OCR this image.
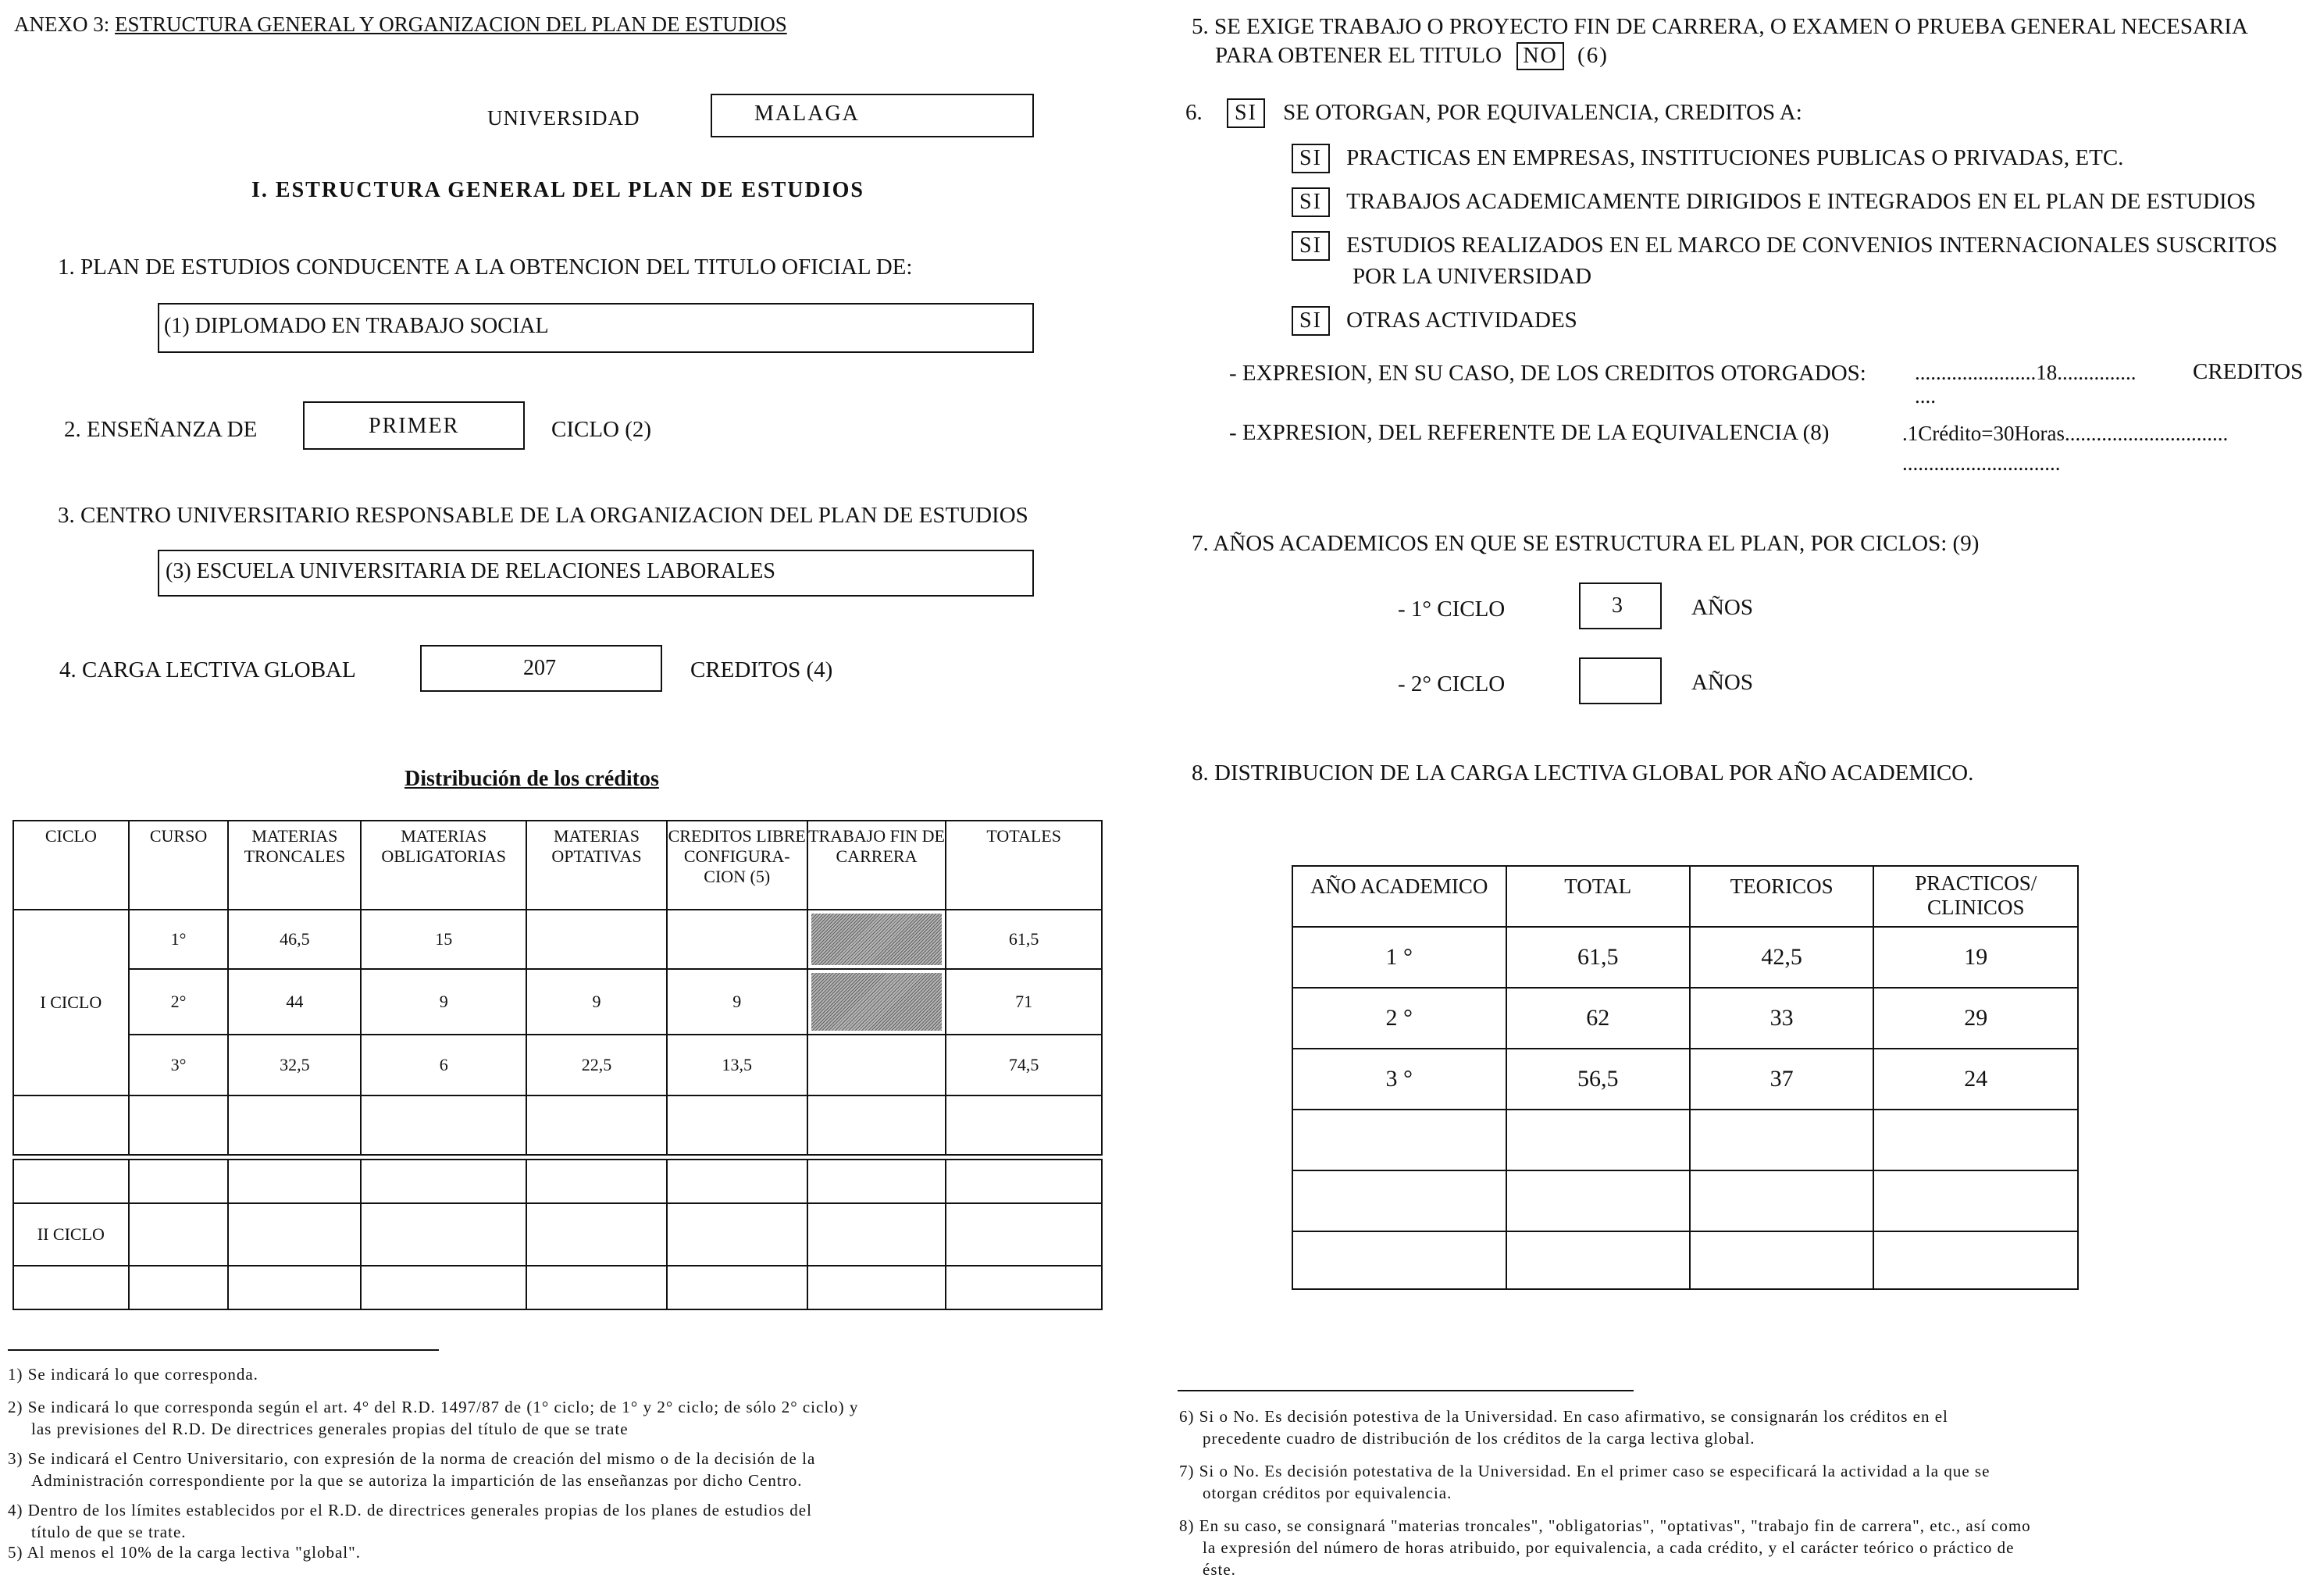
ANEXO 3: ESTRUCTURA GENERAL Y ORGANIZACION DEL PLAN DE ESTUDIOS
UNIVERSIDAD	MALAGA
I. ESTRUCTURA GENERAL DEL PLAN DE ESTUDIOS
1. PLAN DE ESTUDIOS CONDUCENTE A LA OBTENCION DEL TITULO OFICIAL DE:
(1) DIPLOMADO EN TRABAJO SOCIAL
2. ENSEÑANZA DE	PRIMER	CICLO (2)
3. CENTRO UNIVERSITARIO RESPONSABLE DE LA ORGANIZACION DEL PLAN DE ESTUDIOS
(3) ESCUELA UNIVERSITARIA DE RELACIONES LABORALES
4. CARGA LECTIVA GLOBAL	207	CREDITOS (4)
Distribución de los créditos
CICLO	CURSO	MATERIAS TRONCALES	MATERIAS OBLIGATORIAS	MATERIAS OPTATIVAS	CREDITOS LIBRE CONFIGURA- CION (5)	TRABAJO FIN DE CARRERA	TOTALES
I CICLO	1°	46,5	15				61,5
	2°	44	9	9	9		71
	3°	32,5	6	22,5	13,5		74,5

II CICLO							

1) Se indicará lo que corresponda.
2) Se indicará lo que corresponda según el art. 4° del R.D. 1497/87 de (1° ciclo; de 1° y 2° ciclo; de sólo 2° ciclo) y
las previsiones del R.D. De directrices generales propias del título de que se trate
3) Se indicará el Centro Universitario, con expresión de la norma de creación del mismo o de la decisión de la
Administración correspondiente por la que se autoriza la impartición de las enseñanzas por dicho Centro.
4) Dentro de los límites establecidos por el R.D. de directrices generales propias de los planes de estudios del
título de que se trate.
5) Al menos el 10% de la carga lectiva "global".
5. SE EXIGE TRABAJO O PROYECTO FIN DE CARRERA, O EXAMEN O PRUEBA GENERAL NECESARIA
PARA OBTENER EL TITULO NO (6)
6. SI SE OTORGAN, POR EQUIVALENCIA, CREDITOS A:
SI PRACTICAS EN EMPRESAS, INSTITUCIONES PUBLICAS O PRIVADAS, ETC.
SI TRABAJOS ACADEMICAMENTE DIRIGIDOS E INTEGRADOS EN EL PLAN DE ESTUDIOS
SI ESTUDIOS REALIZADOS EN EL MARCO DE CONVENIOS INTERNACIONALES SUSCRITOS
POR LA UNIVERSIDAD
SI OTRAS ACTIVIDADES
- EXPRESION, EN SU CASO, DE LOS CREDITOS OTORGADOS: .......................18...............	CREDITOS
....
- EXPRESION, DEL REFERENTE DE LA EQUIVALENCIA (8)	.1Crédito=30Horas...............................
..............................
7. AÑOS ACADEMICOS EN QUE SE ESTRUCTURA EL PLAN, POR CICLOS: (9)
- 1° CICLO	3	AÑOS
- 2° CICLO	AÑOS
8. DISTRIBUCION DE LA CARGA LECTIVA GLOBAL POR AÑO ACADEMICO.
AÑO ACADEMICO	TOTAL	TEORICOS	PRACTICOS/ CLINICOS
1 °	61,5	42,5	19
2 °	62	33	29
3 °	56,5	37	24

6) Si o No. Es decisión potestiva de la Universidad. En caso afirmativo, se consignarán los créditos en el
precedente cuadro de distribución de los créditos de la carga lectiva global.
7) Si o No. Es decisión potestativa de la Universidad. En el primer caso se especificará la actividad a la que se
otorgan créditos por equivalencia.
8) En su caso, se consignará "materias troncales", "obligatorias", "optativas", "trabajo fin de carrera", etc., así como
la expresión del número de horas atribuido, por equivalencia, a cada crédito, y el carácter teórico o práctico de
éste.
